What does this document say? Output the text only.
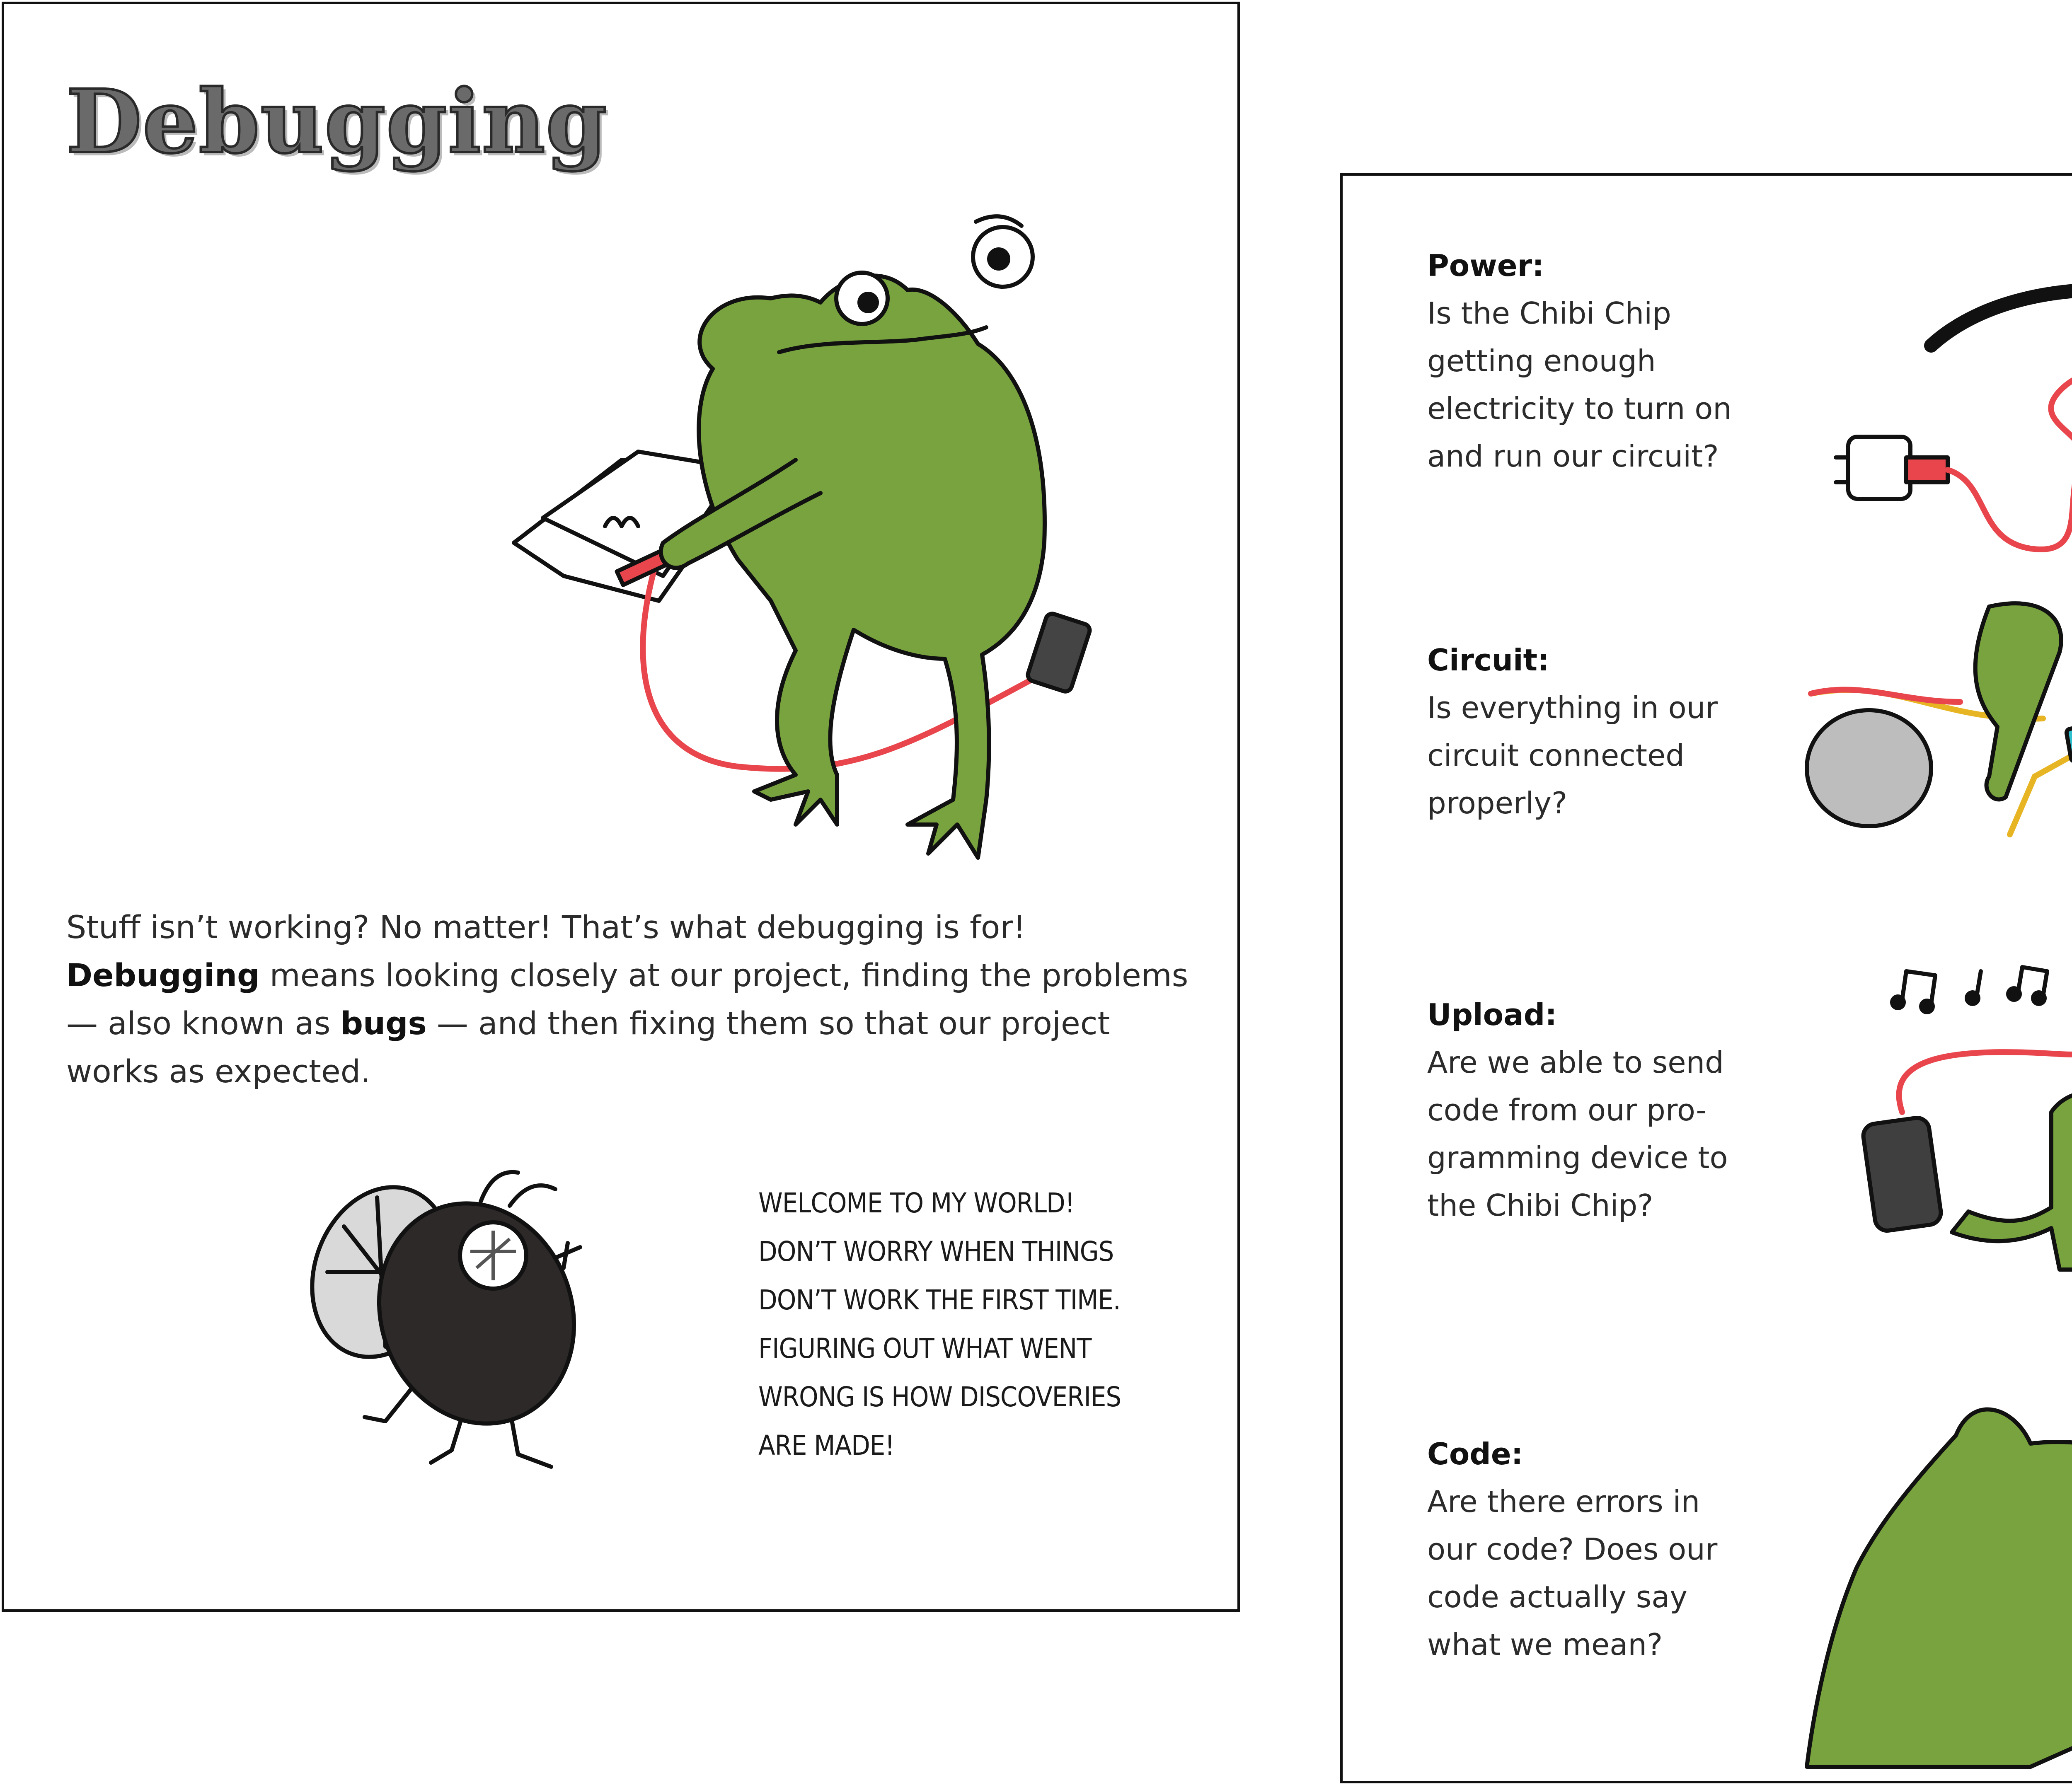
Debugging

Stuff isn’t working? No matter! That’s what debugging is for! Debugging means looking closely at our project, finding the problems — also known as bugs — and then fixing them so that our project works as expected.

WELCOME TO MY WORLD!
DON’T WORRY WHEN THINGS
DON’T WORK THE FIRST TIME.
FIGURING OUT WHAT WENT
WRONG IS HOW DISCOVERIES
ARE MADE!
Power:
Is the Chibi Chip
getting enough
electricity to turn on
and run our circuit?
Circuit:
Is everything in our
circuit connected
properly?
Upload:
Are we able to send
code from our pro-
gramming device to
the Chibi Chip?
Code:
Are there errors in
our code? Does our
code actually say
what we mean?
